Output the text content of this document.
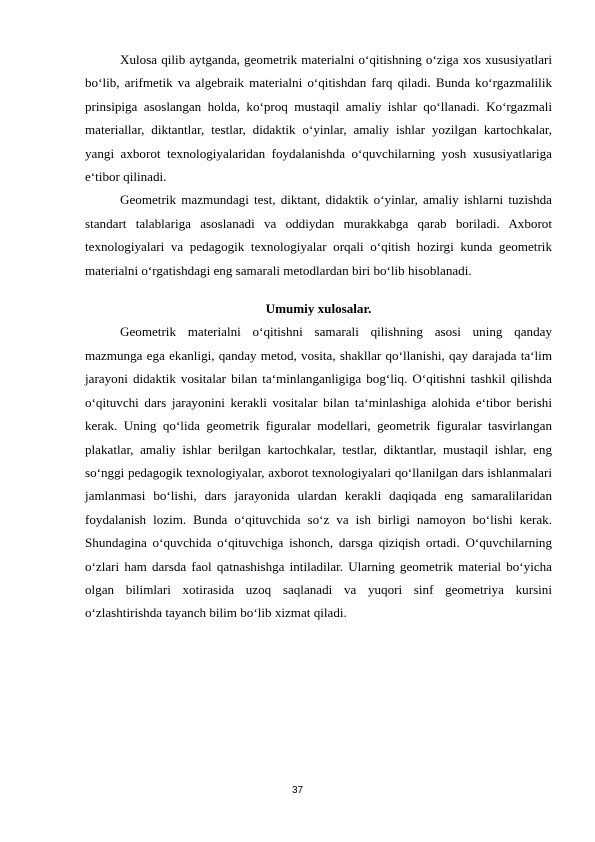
Xulosa qilib aytganda, geometrik materialni o‘qitishning o‘ziga xos xususiyatlari bo‘lib, arifmetik va algebraik materialni o‘qitishdan farq qiladi. Bunda ko‘rgazmalilik prinsipiga asoslangan holda, ko‘proq mustaqil amaliy ishlar qo‘llanadi. Ko‘rgazmali materiallar, diktantlar, testlar, didaktik o‘yinlar, amaliy ishlar yozilgan kartochkalar, yangi axborot texnologiyalaridan foydalanishda o‘quvchilarning yosh xususiyatlariga e‘tibor qilinadi.

Geometrik mazmundagi test, diktant, didaktik o‘yinlar, amaliy ishlarni tuzishda standart talablariga asoslanadi va oddiydan murakkabga qarab boriladi. Axborot texnologiyalari va pedagogik texnologiyalar orqali o‘qitish hozirgi kunda geometrik materialni o‘rgatishdagi eng samarali metodlardan biri bo‘lib hisoblanadi.

Umumiy xulosalar.

Geometrik materialni o‘qitishni samarali qilishning asosi uning qanday mazmunga ega ekanligi, qanday metod, vosita, shakllar qo‘llanishi, qay darajada ta‘lim jarayoni didaktik vositalar bilan ta‘minlanganligiga bog‘liq. O‘qitishni tashkil qilishda o‘qituvchi dars jarayonini kerakli vositalar bilan ta‘minlashiga alohida e‘tibor berishi kerak. Uning qo‘lida geometrik figuralar modellari, geometrik figuralar tasvirlangan plakatlar, amaliy ishlar berilgan kartochkalar, testlar, diktantlar, mustaqil ishlar, eng so‘nggi pedagogik texnologiyalar, axborot texnologiyalari qo‘llanilgan dars ishlanmalari jamlanmasi bo‘lishi, dars jarayonida ulardan kerakli daqiqada eng samaralilaridan foydalanish lozim. Bunda o‘qituvchida so‘z va ish birligi namoyon bo‘lishi kerak. Shundagina o‘quvchida o‘qituvchiga ishonch, darsga qiziqish ortadi. O‘quvchilarning o‘zlari ham darsda faol qatnashishga intiladilar. Ularning geometrik material bo‘yicha olgan bilimlari xotirasida uzoq saqlanadi va yuqori sinf geometriya kursini o‘zlashtirishda tayanch bilim bo‘lib xizmat qiladi.

37
